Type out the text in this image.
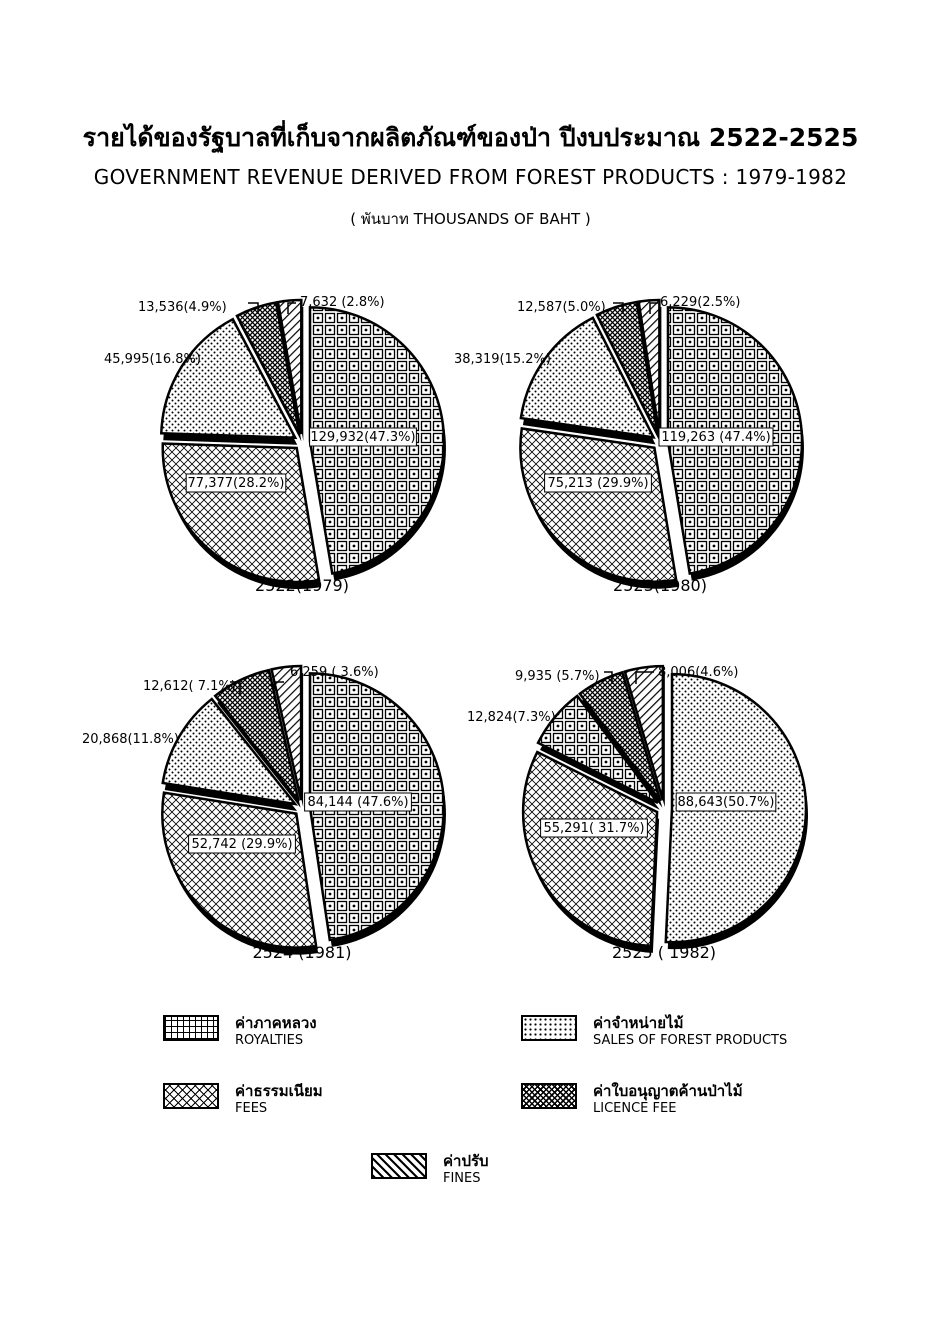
รายได้ของรัฐบาลที่เก็บจากผลิตภัณฑ์ของป่า ปีงบประมาณ 2522-2525
GOVERNMENT REVENUE DERIVED FROM FOREST PRODUCTS : 1979-1982
( พันบาท THOUSANDS OF BAHT )
129,932(47.3%)
77,377(28.2%)
45,995(16.8%)
13,536(4.9%)	7,632 (2.8%)
2522(1979)
119,263 (47.4%)
75,213 (29.9%)
38,319(15.2%)
12,587(5.0%)	6,229(2.5%)
2523(1980)
84,144 (47.6%)
52,742 (29.9%)
20,868(11.8%)
12,612( 7.1%)
6,259 ( 3.6%)
2524 (1981)
88,643(50.7%)
55,291( 31.7%)
12,824(7.3%)
9,935 (5.7%)	8,006(4.6%)
2525 ( 1982)
ค่าภาคหลวง
ROYALTIES
ค่าจำหน่ายไม้
SALES OF FOREST PRODUCTS
ค่าธรรมเนียม
FEES
ค่าใบอนุญาตค้านป่าไม้
LICENCE FEE
ค่าปรับ
FINES
